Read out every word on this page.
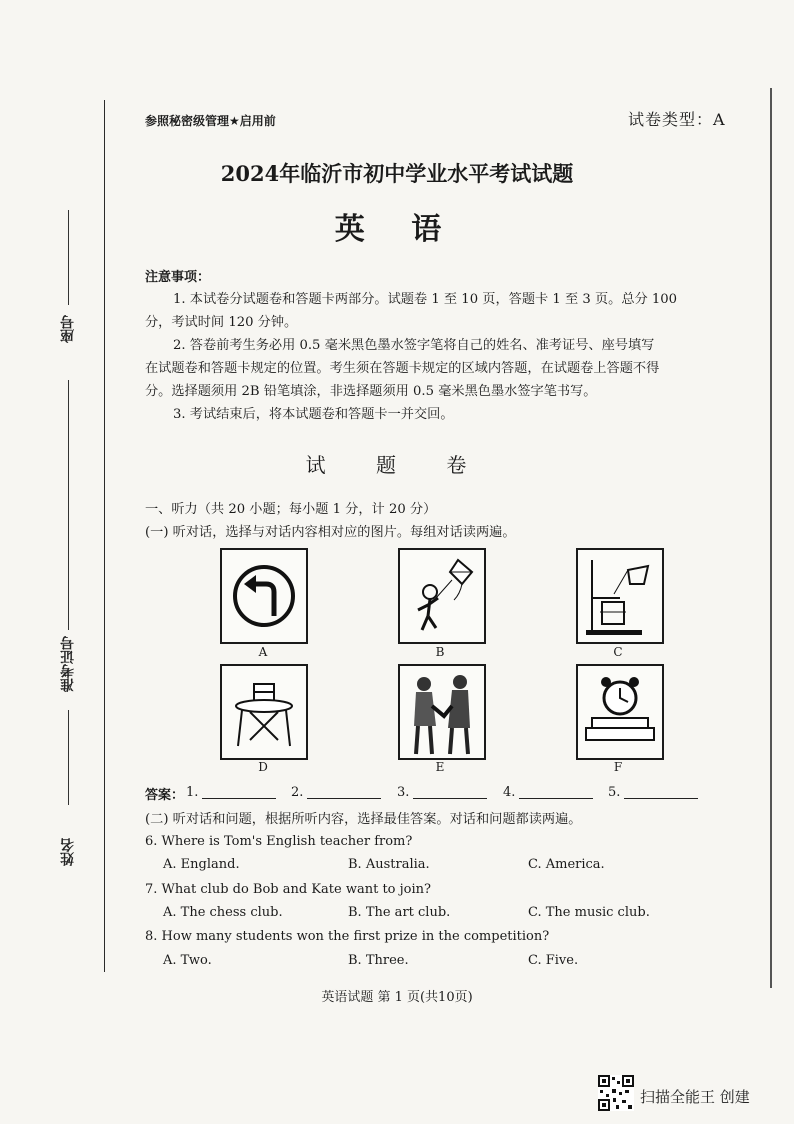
座号
准考证号
姓名
参照秘密级管理★启用前	试卷类型：A
2024年临沂市初中学业水平考试试题
英 语
注意事项：
1. 本试卷分试题卷和答题卡两部分。试题卷 1 至 10 页，答题卡 1 至 3 页。总分 100
分，考试时间 120 分钟。
2. 答卷前考生务必用 0.5 毫米黑色墨水签字笔将自己的姓名、准考证号、座号填写
在试题卷和答题卡规定的位置。考生须在答题卡规定的区域内答题，在试题卷上答题不得
分。选择题须用 2B 铅笔填涂，非选择题须用 0.5 毫米黑色墨水签字笔书写。
3. 考试结束后，将本试题卷和答题卡一并交回。
试 题 卷
一、听力（共 20 小题；每小题 1 分，计 20 分）
(一) 听对话，选择与对话内容相对应的图片。每组对话读两遍。
A	B	C
D	E	F
答案： 1.	2.	3.	4.	5.
(二) 听对话和问题，根据所听内容，选择最佳答案。对话和问题都读两遍。
6. Where is Tom's English teacher from?
A. England.	B. Australia.	C. America.
7. What club do Bob and Kate want to join?
A. The chess club.	B. The art club.	C. The music club.
8. How many students won the first prize in the competition?
A. Two.	B. Three.	C. Five.
英语试题 第 1 页(共10页)
扫描全能王 创建
